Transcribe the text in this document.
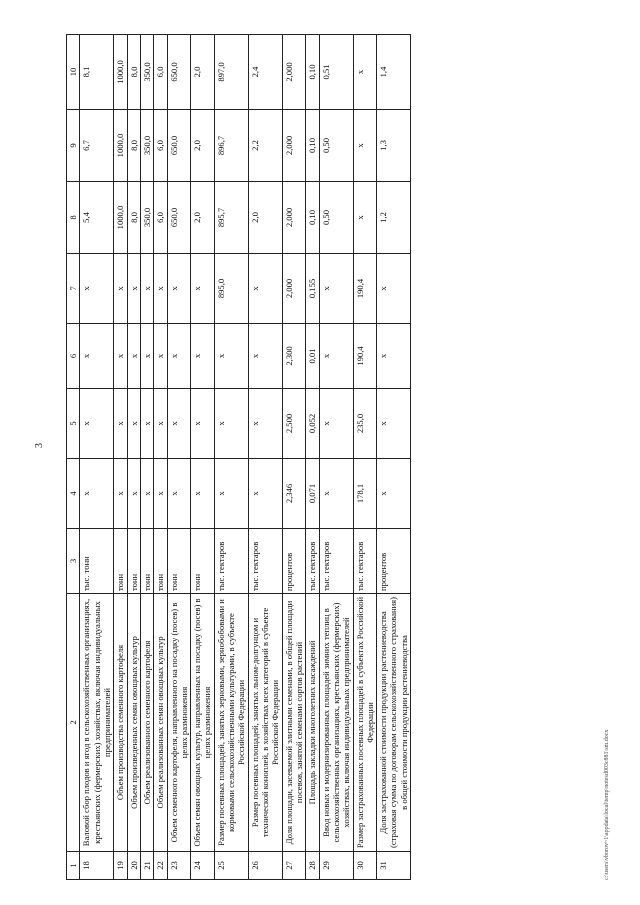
3
1	2	3	4	5	6	7	8	9	10
18	Валовой сбор плодов и ягод в сельскохозяйственных организациях, крестьянских (фермерских) хозяйствах, включая индивидуальных предпринимателей	тыс. тонн	x	x	x	x	5,4	6,7	8,1
19	Объем производства семенного картофеля	тонн	x	x	x	x	1000,0	1000,0	1000,0
20	Объем произведенных семян овощных культур	тонн	x	x	x	x	8,0	8,0	8,0
21	Объем реализованного семенного картофеля	тонн	x	x	x	x	350,0	350,0	350,0
22	Объем реализованных семян овощных культур	тонн	x	x	x	x	6,0	6,0	6,0
23	Объем семенного картофеля, направленного на посадку (посев) в целях размножения	тонн	x	x	x	x	650,0	650,0	650,0
24	Объем семян овощных культур, направленных на посадку (посев) в целях размножения	тонн	x	x	x	x	2,0	2,0	2,0
25	Размер посевных площадей, занятых зерновыми, зернобобовыми и кормовыми сельскохозяйственными культурами, в субъекте Российской Федерации	тыс. гектаров	x	x	x	895,0	895,7	896,7	897,0
26	Размер посевных площадей, занятых льном-долгунцом и технической коноплей, в хозяйствах всех категорий в субъекте Российской Федерации	тыс. гектаров	x	x	x	x	2,0	2,2	2,4
27	Доля площади, засеваемой элитными семенами, в общей площади посевов, занятой семенами сортов растений	процентов	2,346	2,500	2,300	2,000	2,000	2,000	2,000
28	Площадь закладки многолетних насаждений	тыс. гектаров	0,071	0,052	0,01	0,155	0,10	0,10	0,10
29	Ввод новых и модернизированных площадей зимних теплиц в сельскохозяйственных организациях, крестьянских (фермерских) хозяйствах, включая индивидуальных предпринимателей	тыс. гектаров	x	x	x	x	0,50	0,50	0,51
30	Размер застрахованных посевных площадей в субъектах Российской Федерации	тыс. гектаров	178,1	235,0	190,4	190,4	x	x	x
31	Доля застрахованной стоимости продукции растениеводства (страховая сумма по договорам сельскохозяйственного страхования) в общей стоимости продукции растениеводства	процентов	x	x	x	x	1,2	1,3	1,4
c:\users\vborov~1\appdata\local\temp\notesd003c881\sm.docx
